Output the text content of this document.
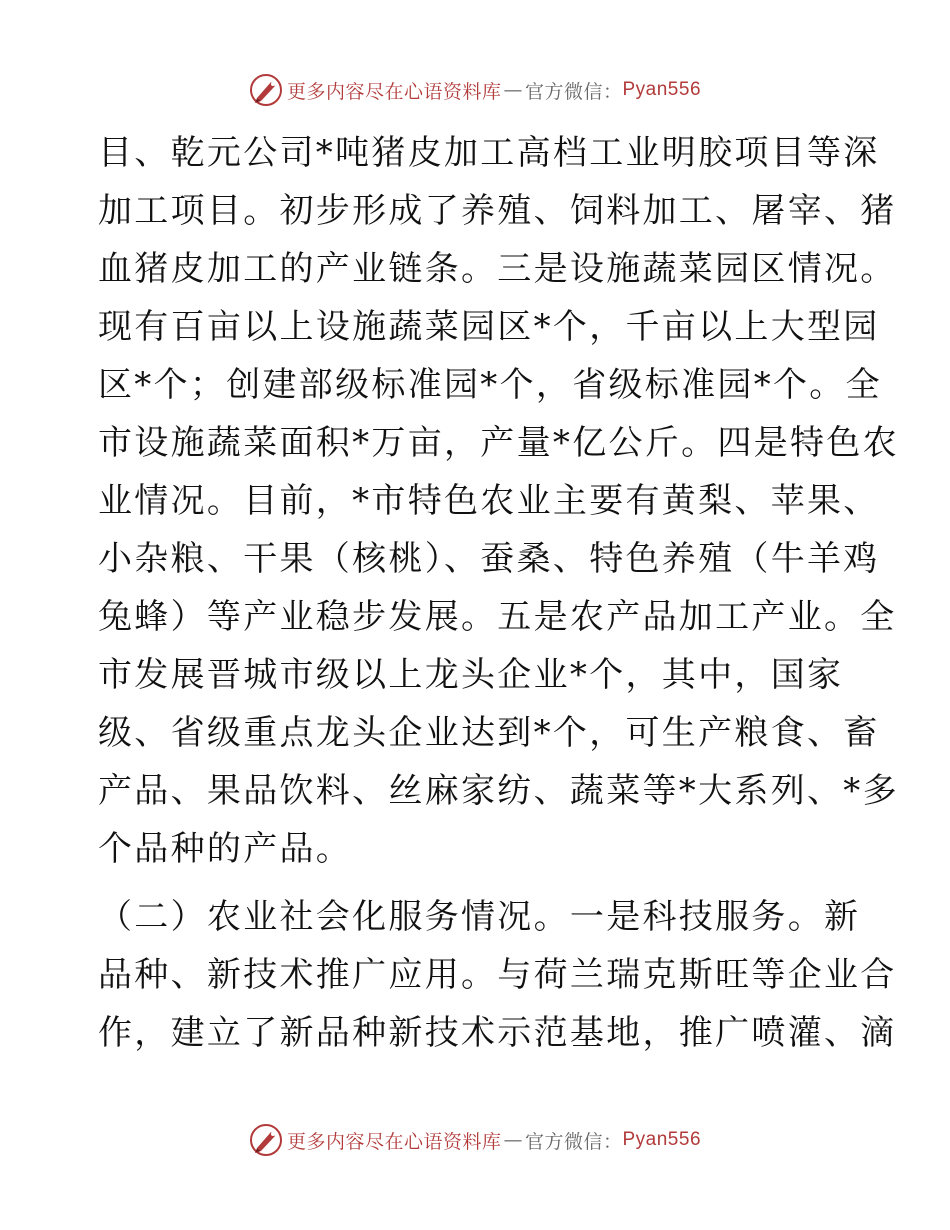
更多内容尽在心语资料库 — 官方微信： Pyan556
目、乾元公司*吨猪皮加工高档工业明胶项目等深
加工项目。初步形成了养殖、饲料加工、屠宰、猪
血猪皮加工的产业链条。三是设施蔬菜园区情况。
现有百亩以上设施蔬菜园区*个，千亩以上大型园
区*个；创建部级标准园*个，省级标准园*个。全
市设施蔬菜面积*万亩，产量*亿公斤。四是特色农
业情况。目前，*市特色农业主要有黄梨、苹果、
小杂粮、干果（核桃）、蚕桑、特色养殖（牛羊鸡
兔蜂）等产业稳步发展。五是农产品加工产业。全
市发展晋城市级以上龙头企业*个，其中，国家
级、省级重点龙头企业达到*个，可生产粮食、畜
产品、果品饮料、丝麻家纺、蔬菜等*大系列、*多
个品种的产品。
（二）农业社会化服务情况。一是科技服务。新
品种、新技术推广应用。与荷兰瑞克斯旺等企业合
作，建立了新品种新技术示范基地，推广喷灌、滴
更多内容尽在心语资料库 — 官方微信： Pyan556
